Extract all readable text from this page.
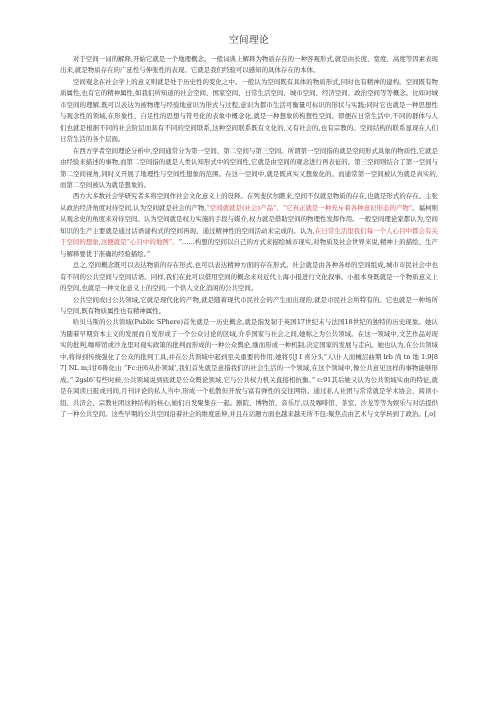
空间理论

对于空间一词的解释,开始它就是一个地理概念。一般词典上解释为物质存在的一种客观形式,就是由长度、宽度、高度等因素表现出来,就是物质存在的广延性与伸张性的表现。它就是我们经验可以感知的具体存在的本体。

空间观念在社会学上的意义则就是处于历史性的变化之中。一般认为空间既有具体的物质形式,同时也有精神的建构。空间既有物质属性,也有它的精神属性,如我们所知道的社会空间、国家空间、日常生活空间、城市空间、经济空间、政治空间等等概念。比如对城市空间的理解,既可以表达为被物理与经验地意识为形式与过程,意识为都市生活可衡量可标识的形状与实践;同时它也就是一种思想性与观念性的领域,在形象性、自足性的思想与符号化的表象中概念化,就是一种想象的构想性空间。即便在日常生活中,不同的群体与人们也就是根据不同的社会阶层而具有不同的空间联系,这种空间联系既有文化的,又有社会的,也有宗教的。空间结构的联系显现在人们日常生活的各个层面。

在西方学者空间理论分析中,空间通常分为第一空间、第二空间与第三空间。所谓第一空间指的就是空间形式具象的物质性,它就是由经验来描述的事物,而第二空间指的就是人类认知形式中的空间性,它就是由空间的观念进行再表征的。第三空间则结合了第一空间与第二空间视角,同时又开展了地理性与空间性想象的范围。在这一空间中,就是既真实又想象化的。而通常第一空间被认为就是真实的,而第二空间被认为就是想象的。

西方大多数社会学研究者多将空间作社会文化意义上的设释。在列斐伏尔瞧来,空间不仅就是物质的存在,也就是形式的存在。主张从政治经济角度对待空间,认为空间就是社会的产物,“空间就就是(社会)产品”、“它真正就是一种充斥着各种意识形态的产物”。福柯则从观念史的角度来对待空间。认为空间就是权力实施的手段与媒介,权力就是借助空间的物理性发挥作用。一般空间理论家都认为,空间知识的生产主要就是通过话语建构式的空间再现、通过精神性的空间活动来完成的。认为,在日常生活里我们每一个人心目中都会有关于空间的想象,这便就是“心目中的地图”。“……构想的空间以自己的方式来描绘城市现实,对物质及社会世界来说,精神上的描绘、生产与解释要优于准确的经验描绘。”

总之,空间概念既可以表达物质的存在形式,也可以表达精神方面的存在形式。社会就是由各种各样的空间组成,城市市民社会中也有不同的公共空间与空间话语。同样,我们在此可以借用空间的概念来对近代上海小报进行文化叙事。小报本身既就是一个物质意义上的空间,也就是一种文化意义上的空间,一个供人文化消闲的公共空间。

公共空间或曰公共领域,它就是现代化的产物,就是随着现代市民社会的产生而出现的,就是市民社会所特有的。它也就是一种场所与空间,既有物质属性也有精神属性。

哈贝马斯的公共领域(Public SPhere)首先就是一历史概念,就是指发韧于英国17世纪末与法国18世纪的独特的历史现象。她认为随着早期资本主义的发展而自发形成了一个公众讨论的区域,介乎国家与社会之间,她称之为公共领域。在这一领域中,文艺作品对现实的批判,咖啡馆或沙龙里对现实政策的批判而形成的一种公众舆论,继而形成一种机制,决定国家的发展与走向。她也认为,在公共领域中,将得到传统强化了公众的批判工具,并在公共领域中起到至关重要的作用,她将引J I 喜分头“人\仆人而械层曲期 lrb 尚 tn 地 1.9[87] NL m;l甘6鲁化山 “Fc:田6从扑领域',我们首先就是意指我们的社会生活的一个领域,在这个领域中,像公共意见这样的事物能够形成。” 2gsl6‘有些时候,公共领域说到底就是公众舆论领域,它与公共权力机关直接相抗衡。” c:91其后她又认为公共领域实由的特征,就是在阅读日报或刊间,月刊评论的私人当中,形成一个松散但开放与富有弹性的交往网络。通过私人社团与常常就是学术协会、阅读小组、共济会、宗教社团这种结构的核心,她们自发聚集在一起。剧院、博物馆、音乐厅,以及咖啡馆、茶室、沙龙等等为娱乐与对话提供了一种公共空间。这些早期的公共空间沿着社会的维度延伸,并且在话题方面也越来越无所不包:聚焦点由艺术与文学转到了政治。[,o]
